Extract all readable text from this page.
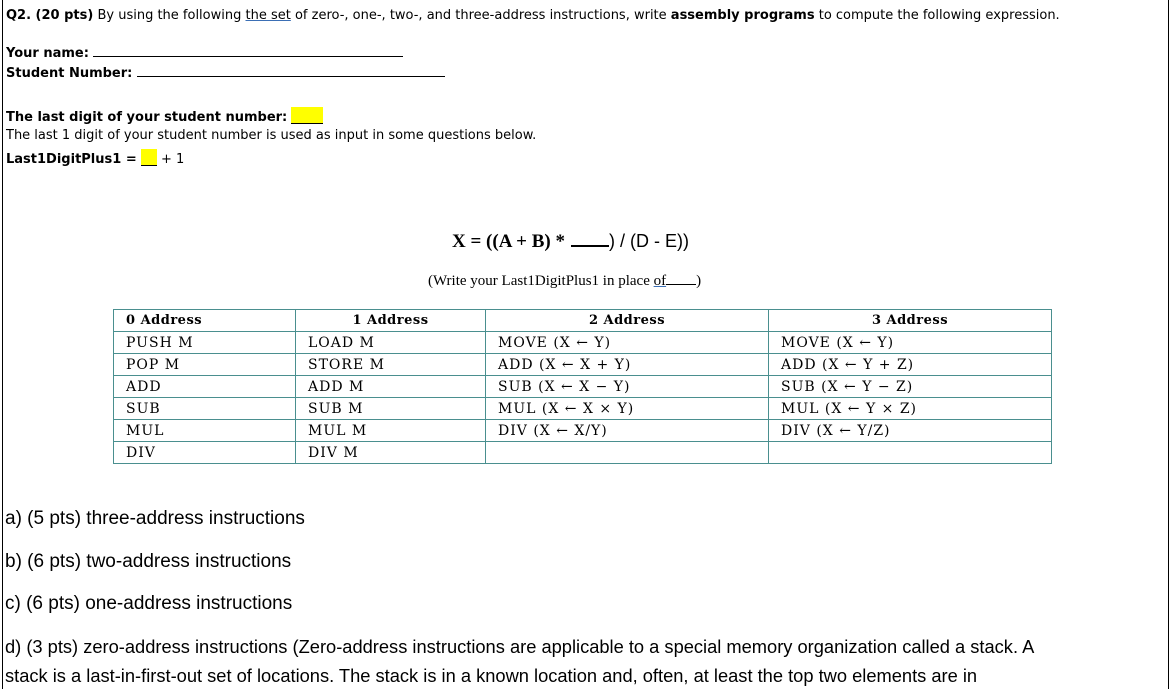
Q2. (20 pts) By using the following the set of zero-, one-, two-, and three-address instructions, write assembly programs to compute the following expression.
Your name:
Student Number:
The last digit of your student number:
The last 1 digit of your student number is used as input in some questions below.
Last1DigitPlus1 = + 1
X = ((A + B) * ) / (D - E))
(Write your Last1DigitPlus1 in place of )
0 Address	1 Address	2 Address	3 Address
PUSH M	LOAD M	MOVE (X ← Y)	MOVE (X ← Y)
POP M	STORE M	ADD (X ← X + Y)	ADD (X ← Y + Z)
ADD	ADD M	SUB (X ← X − Y)	SUB (X ← Y − Z)
SUB	SUB M	MUL (X ← X × Y)	MUL (X ← Y × Z)
MUL	MUL M	DIV (X ← X/Y)	DIV (X ← Y/Z)
DIV	DIV M		
a) (5 pts) three-address instructions
b) (6 pts) two-address instructions
c) (6 pts) one-address instructions
d) (3 pts) zero-address instructions (Zero-address instructions are applicable to a special memory organization called a stack. A
stack is a last-in-first-out set of locations. The stack is in a known location and, often, at least the top two elements are in
